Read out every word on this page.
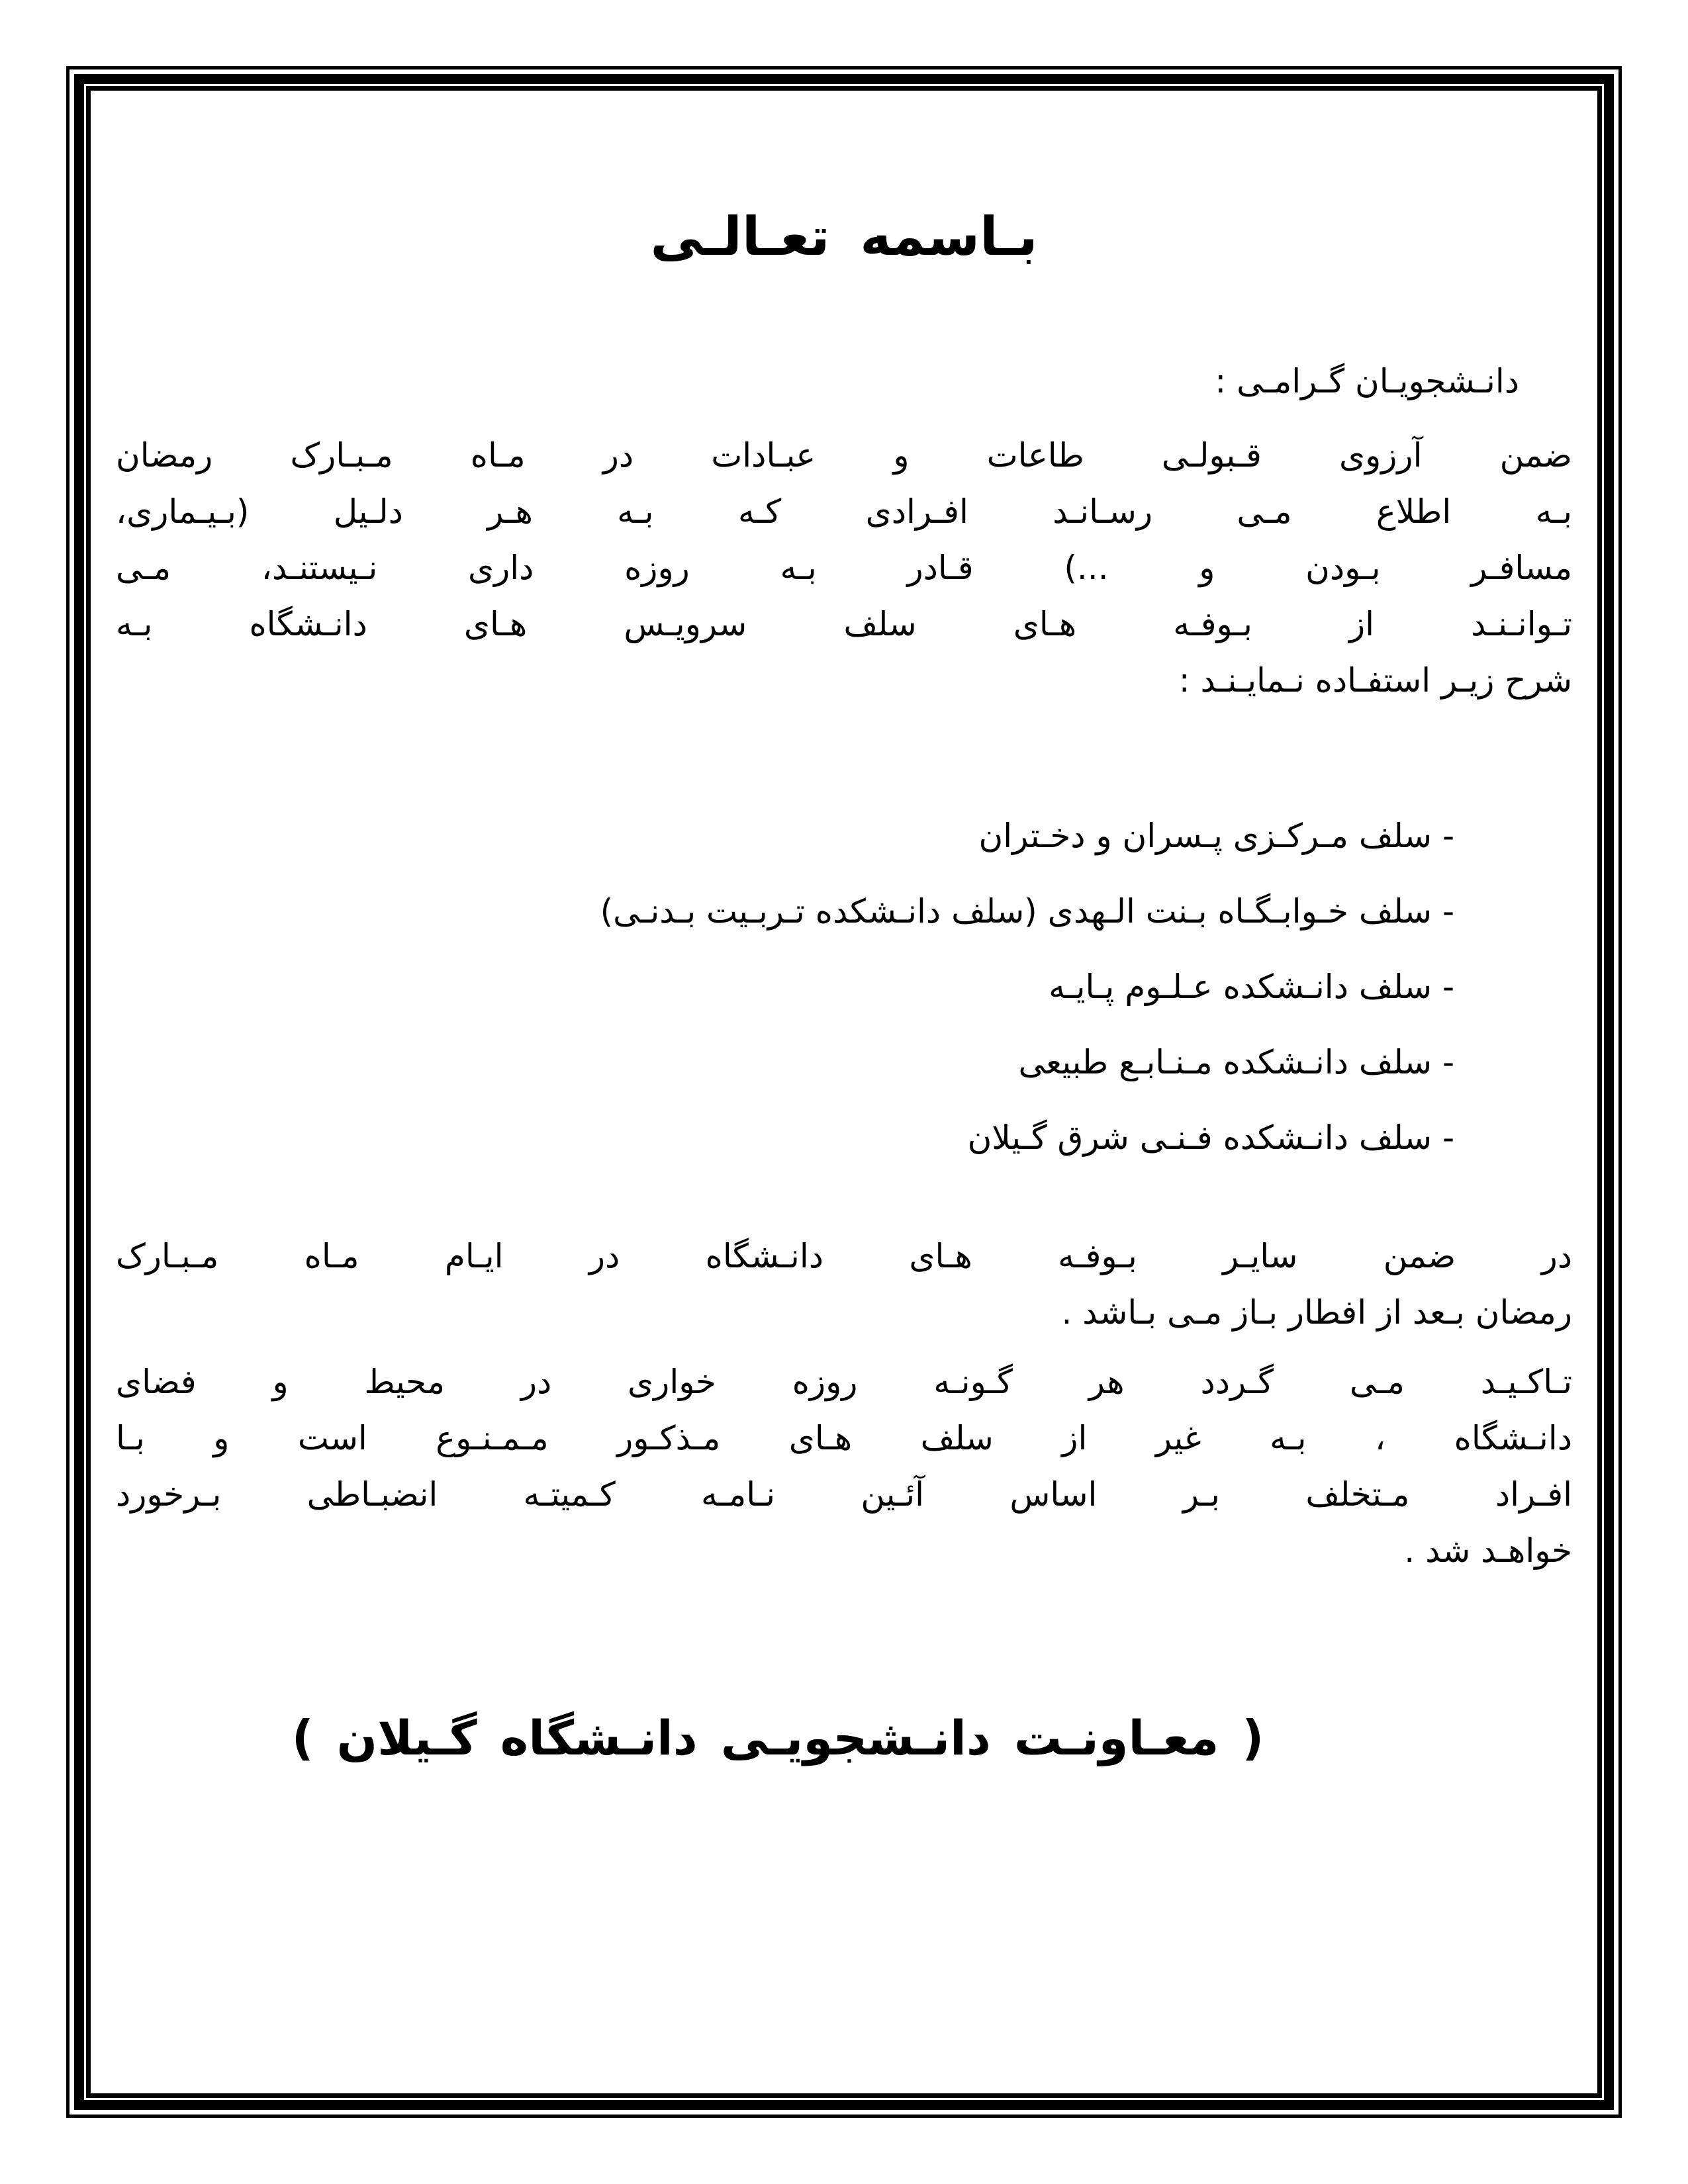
بـاسمه تعـالـی

دانـشجویـان گـرامـی :

ضمن آرزوی قـبولـی طاعات و عبـادات در مـاه مـبـارک رمضان
بـه اطلاع مـی رسـانـد افـرادی کـه بـه هـر دلـیل (بـیـماری،
مسافـر بـودن و ...) قـادر بـه روزه داری نـیستنـد، مـی
تـوانـنـد از بـوفـه هـای سلف سرویـس هـای دانـشگاه بـه
شرح زیـر استفـاده نـمایـنـد :
- سلف مـرکـزی پـسران و دخـتران
- سلف خـوابـگـاه بـنت الـهدی (سلف دانـشکده تـربـیت بـدنـی)
- سلف دانـشکده عـلـوم پـایـه
- سلف دانـشکده مـنـابـع طبیعی
- سلف دانـشکده فـنـی شرق گـیلان
در ضمن سایـر بـوفـه هـای دانـشگاه در ایـام مـاه مـبـارک
رمضان بـعد از افطار بـاز مـی بـاشد .
تـاکـیـد مـی گـردد هر گـونـه روزه خواری در محیط و فضای
دانـشگاه ، بـه غیر از سلف هـای مـذکـور مـمـنـوع است و بـا
افـراد مـتخلف بـر اساس آئـین نـامـه کـمیتـه انضبـاطی بـرخورد
خواهـد شد .

( معـاونـت دانـشجویـی دانـشگاه گـیلان )
